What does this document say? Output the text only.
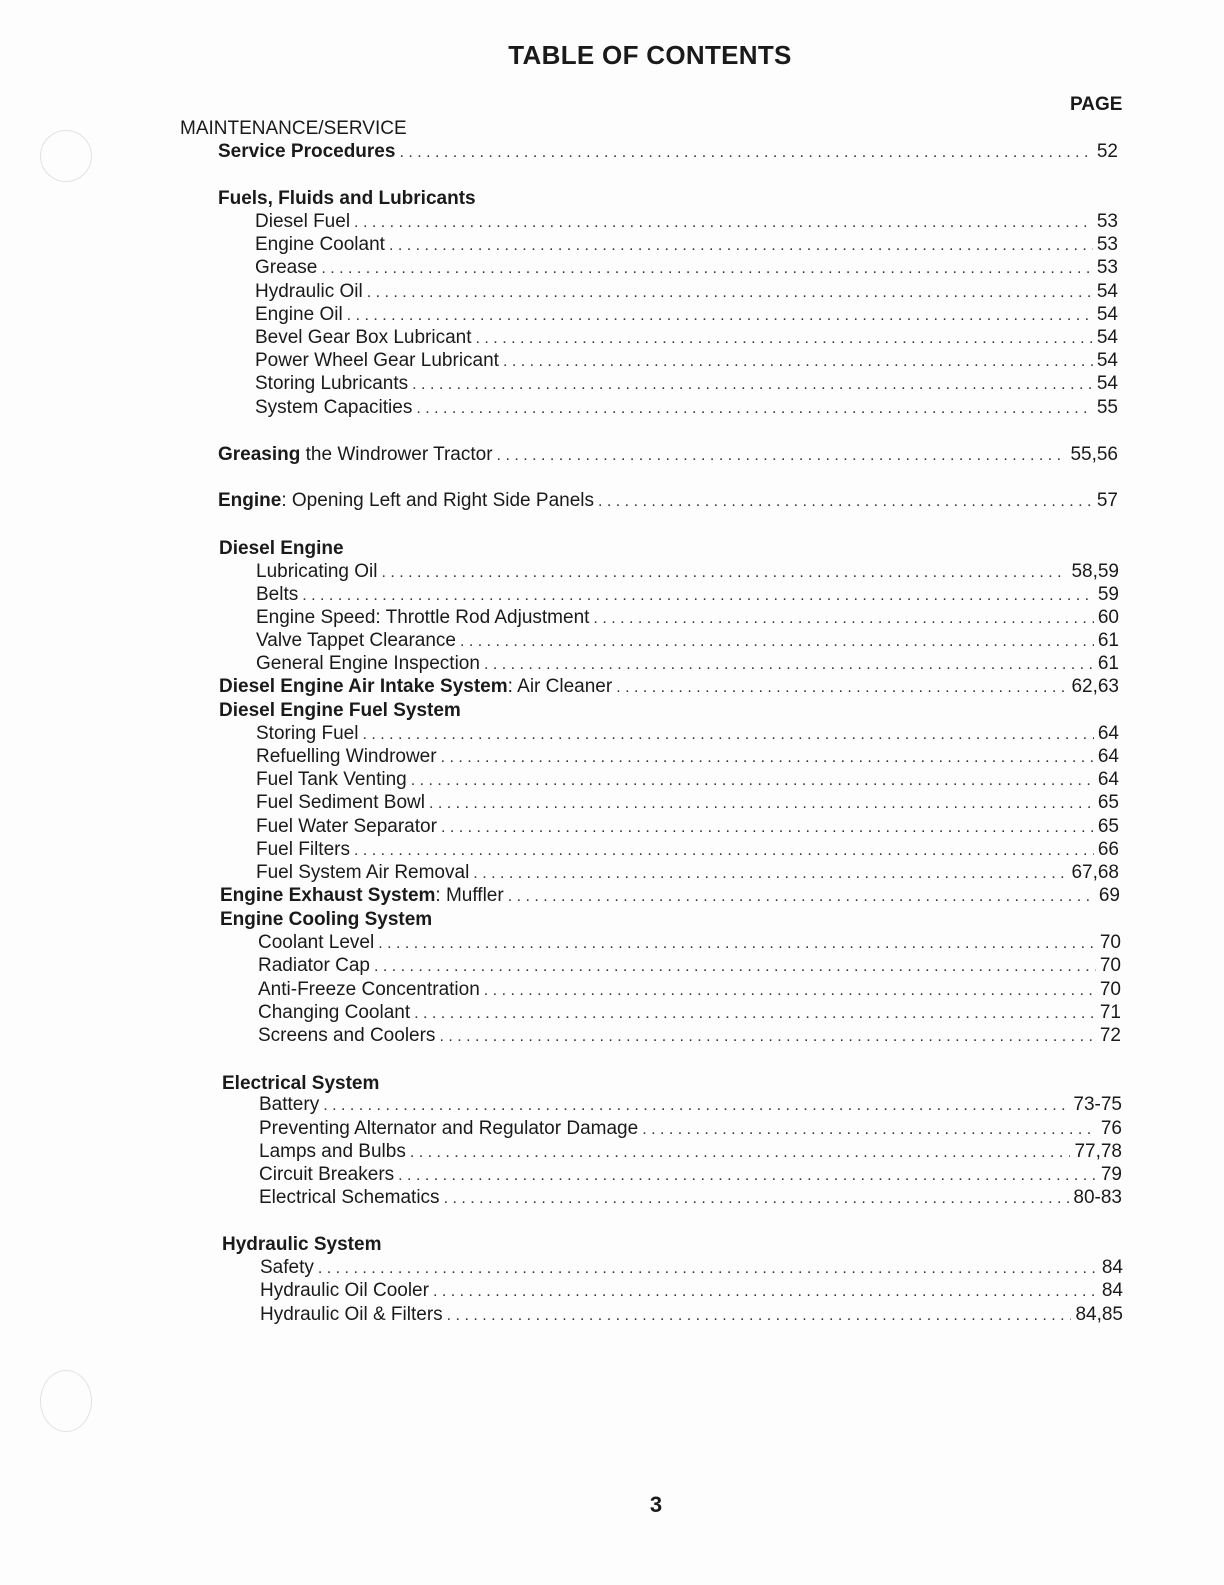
TABLE OF CONTENTS
PAGE
MAINTENANCE/SERVICE
Service Procedures . . .	52
Fuels, Fluids and Lubricants
Diesel Fuel . . .	53
Engine Coolant . . .	53
Grease . . .	53
Hydraulic Oil . . .	54
Engine Oil . . .	54
Bevel Gear Box Lubricant . . .	54
Power Wheel Gear Lubricant . . .	54
Storing Lubricants . . .	54
System Capacities . . .	55
Greasing the Windrower Tractor . . .	55,56
Engine: Opening Left and Right Side Panels . . .	57
Diesel Engine
Lubricating Oil . . .	58,59
Belts . . .	59
Engine Speed: Throttle Rod Adjustment . . .	60
Valve Tappet Clearance . . .	61
General Engine Inspection . . .	61
Diesel Engine Air Intake System: Air Cleaner . . .	62,63
Diesel Engine Fuel System
Storing Fuel . . .	64
Refuelling Windrower . . .	64
Fuel Tank Venting . . .	64
Fuel Sediment Bowl . . .	65
Fuel Water Separator . . .	65
Fuel Filters . . .	66
Fuel System Air Removal . . .	67,68
Engine Exhaust System: Muffler . . .	69
Engine Cooling System
Coolant Level . . .	70
Radiator Cap . . .	70
Anti-Freeze Concentration . . .	70
Changing Coolant . . .	71
Screens and Coolers . . .	72
Electrical System
Battery . . .	73-75
Preventing Alternator and Regulator Damage . . .	76
Lamps and Bulbs . . .	77,78
Circuit Breakers . . .	79
Electrical Schematics . . .	80-83
Hydraulic System
Safety . . .	84
Hydraulic Oil Cooler . . .	84
Hydraulic Oil & Filters . . .	84,85
3
